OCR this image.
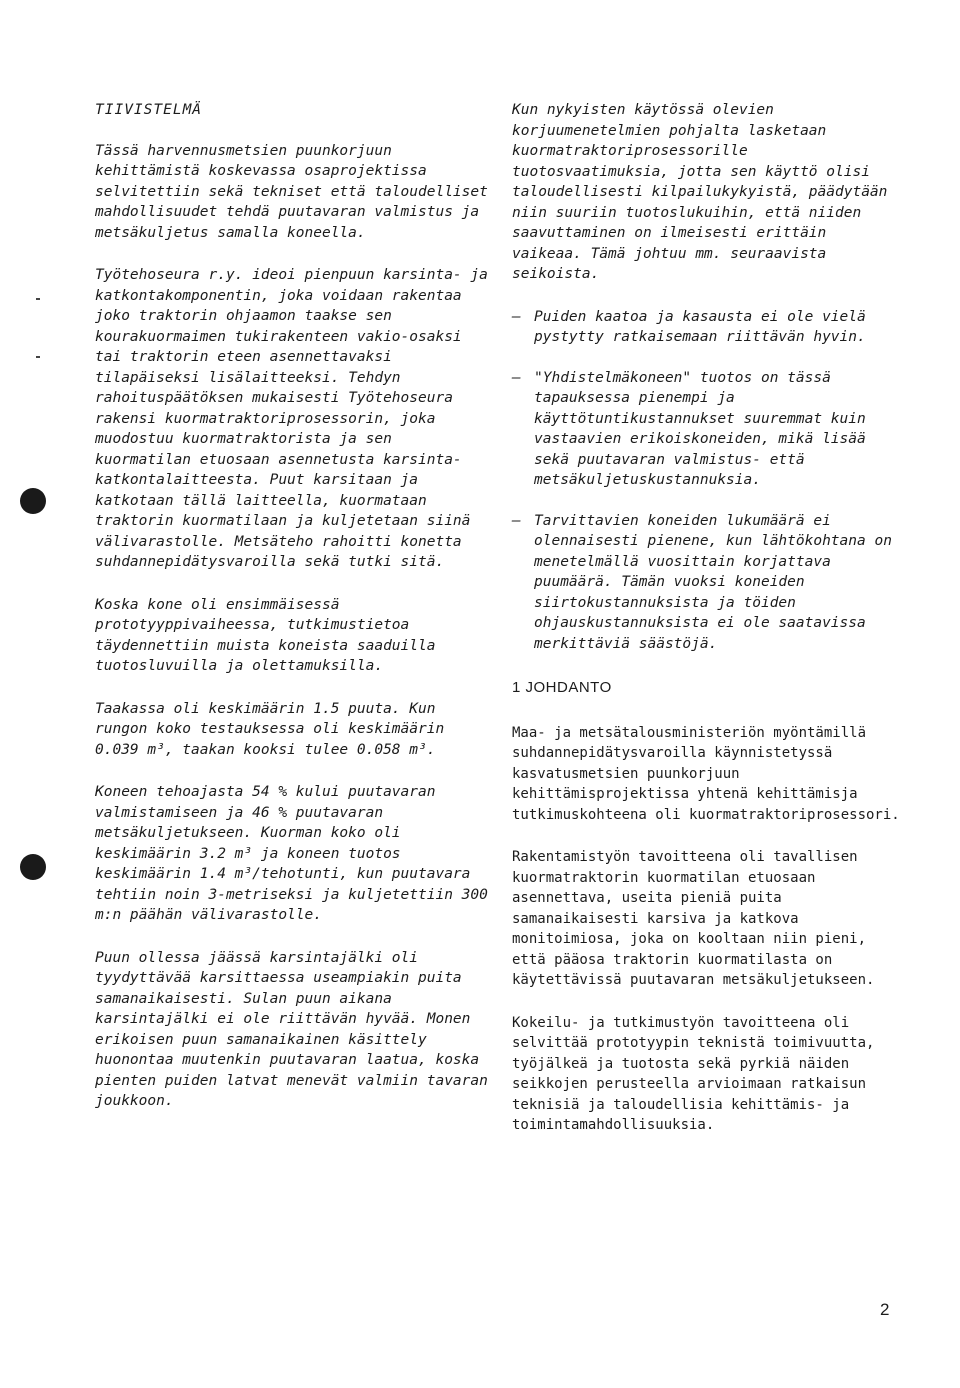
TIIVISTELMÄ
Tässä harvennusmetsien puunkorjuun kehittämistä koskevassa osaprojektissa selvitettiin sekä tekniset että taloudelliset mahdollisuudet tehdä puutavaran valmistus ja metsäkuljetus samalla koneella.
Työtehoseura r.y. ideoi pienpuun karsinta- ja katkontakomponentin, joka voidaan rakentaa joko traktorin ohjaamon taakse sen kourakuormaimen tukirakenteen vakio-osaksi tai traktorin eteen asennettavaksi tilapäiseksi lisälaitteeksi. Tehdyn rahoituspäätöksen mukaisesti Työtehoseura rakensi kuormatraktoriprosessorin, joka muodostuu kuormatraktorista ja sen kuormatilan etuosaan asennetusta karsinta-katkontalaitteesta. Puut karsitaan ja katkotaan tällä laitteella, kuormataan traktorin kuormatilaan ja kuljetetaan siinä välivarastolle. Metsäteho rahoitti konetta suhdannepidätysvaroilla sekä tutki sitä.
Koska kone oli ensimmäisessä prototyyppivaiheessa, tutkimustietoa täydennettiin muista koneista saaduilla tuotosluvuilla ja olettamuksilla.
Taakassa oli keskimäärin 1.5 puuta. Kun rungon koko testauksessa oli keskimäärin 0.039 m³, taakan kooksi tulee 0.058 m³.
Koneen tehoajasta 54 % kului puutavaran valmistamiseen ja 46 % puutavaran metsäkuljetukseen. Kuorman koko oli keskimäärin 3.2 m³ ja koneen tuotos keskimäärin 1.4 m³/tehotunti, kun puutavara tehtiin noin 3-metriseksi ja kuljetettiin 300 m:n päähän välivarastolle.
Puun ollessa jäässä karsintajälki oli tyydyttävää karsittaessa useampiakin puita samanaikaisesti. Sulan puun aikana karsintajälki ei ole riittävän hyvää. Monen erikoisen puun samanaikainen käsittely huonontaa muutenkin puutavaran laatua, koska pienten puiden latvat menevät valmiin tavaran joukkoon.
Kun nykyisten käytössä olevien korjuumenetelmien pohjalta lasketaan kuormatraktoriprosessorille tuotosvaatimuksia, jotta sen käyttö olisi taloudellisesti kilpailukykyistä, päädytään niin suuriin tuotoslukuihin, että niiden saavuttaminen on ilmeisesti erittäin vaikeaa. Tämä johtuu mm. seuraavista seikoista.
– Puiden kaatoa ja kasausta ei ole vielä pystytty ratkaisemaan riittävän hyvin.
– "Yhdistelmäkoneen" tuotos on tässä tapauksessa pienempi ja käyttötuntikustannukset suuremmat kuin vastaavien erikoiskoneiden, mikä lisää sekä puutavaran valmistus- että metsäkuljetuskustannuksia.
– Tarvittavien koneiden lukumäärä ei olennaisesti pienene, kun lähtökohtana on menetelmällä vuosittain korjattava puumäärä. Tämän vuoksi koneiden siirtokustannuksista ja töiden ohjauskustannuksista ei ole saatavissa merkittäviä säästöjä.
1 JOHDANTO
Maa- ja metsätalousministeriön myöntämillä suhdannepidätysvaroilla käynnistetyssä kasvatusmetsien puunkorjuun kehittämisprojektissa yhtenä kehittämisja tutkimuskohteena oli kuormatraktoriprosessori.
Rakentamistyön tavoitteena oli tavallisen kuormatraktorin kuormatilan etuosaan asennettava, useita pieniä puita samanaikaisesti karsiva ja katkova monitoimiosa, joka on kooltaan niin pieni, että pääosa traktorin kuormatilasta on käytettävissä puutavaran metsäkuljetukseen.
Kokeilu- ja tutkimustyön tavoitteena oli selvittää prototyypin teknistä toimivuutta, työjälkeä ja tuotosta sekä pyrkiä näiden seikkojen perusteella arvioimaan ratkaisun teknisiä ja taloudellisia kehittämis- ja toimintamahdollisuuksia.
2
